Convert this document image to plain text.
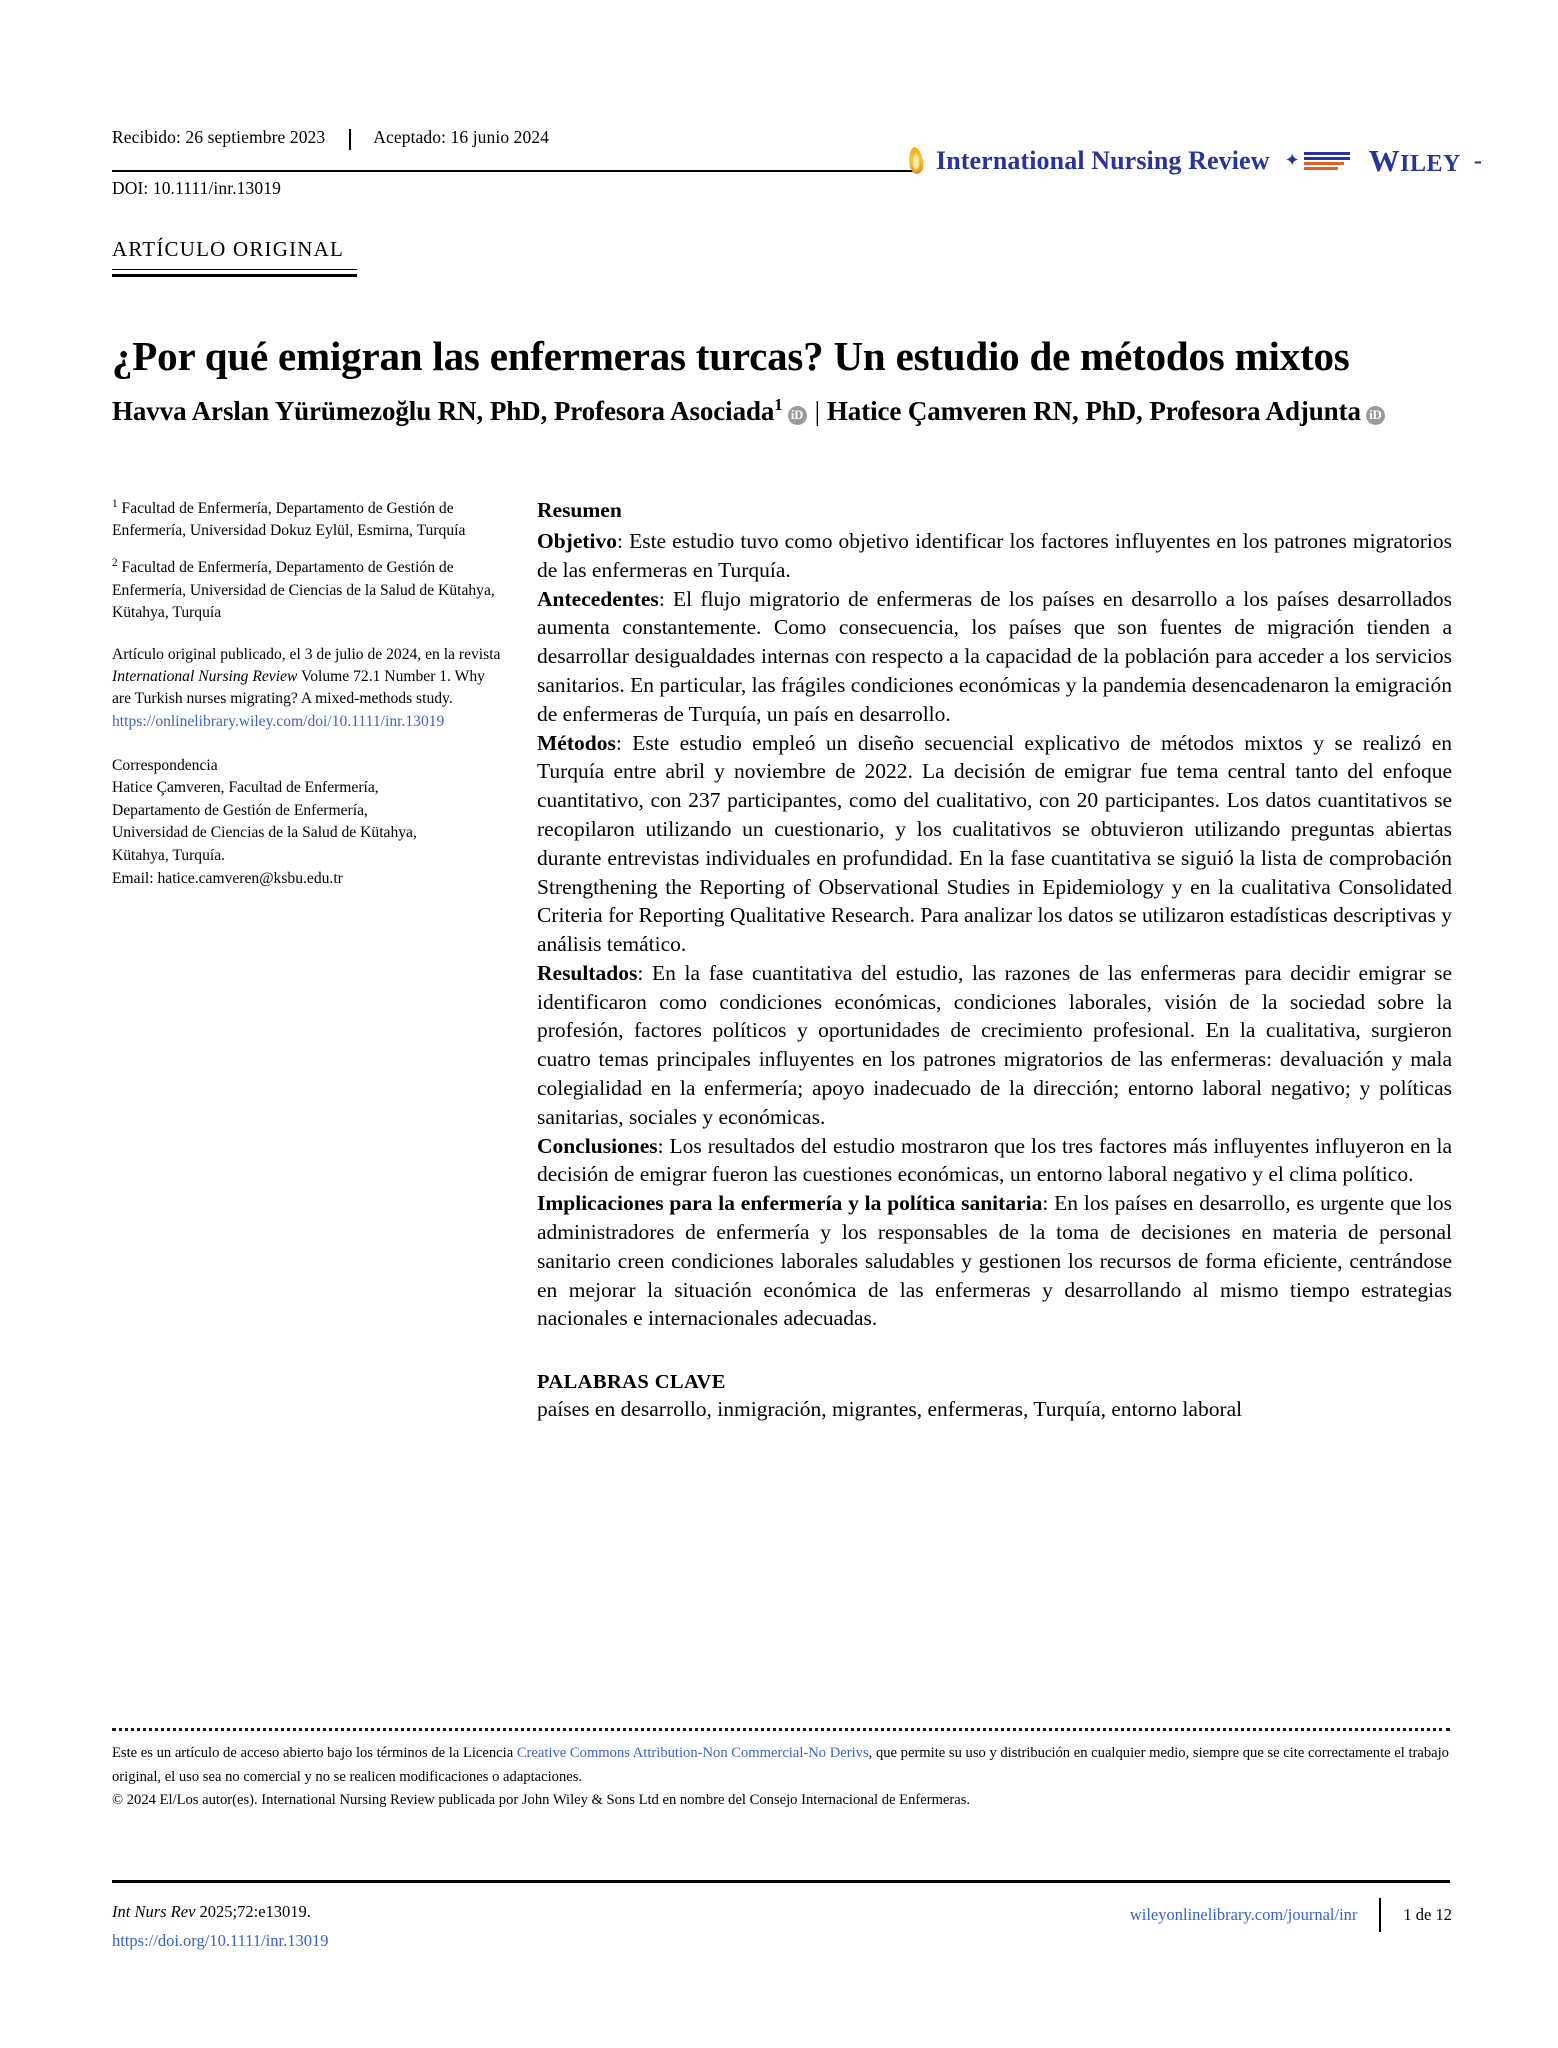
Recibido: 26 septiembre 2023	Aceptado: 16 junio 2024
International Nursing Review ✦ WILEY -
DOI: 10.1111/inr.13019
ARTÍCULO ORIGINAL
¿Por qué emigran las enfermeras turcas? Un estudio de métodos mixtos
Havva Arslan Yürümezoğlu RN, PhD, Profesora Asociada$^1$iD | Hatice Çamveren RN, PhD, Profesora Adjunta iD
$^1$ Facultad de Enfermería, Departamento de Gestión de Enfermería, Universidad Dokuz Eylül, Esmirna, Turquía
$^2$ Facultad de Enfermería, Departamento de Gestión de Enfermería, Universidad de Ciencias de la Salud de Kütahya, Kütahya, Turquía
Artículo original publicado, el 3 de julio de 2024, en la revista International Nursing Review Volume 72.1 Number 1. Why are Turkish nurses migrating? A mixed-methods study.
https://onlinelibrary.wiley.com/doi/10.1111/inr.13019
Correspondencia
Hatice Çamveren, Facultad de Enfermería,
Departamento de Gestión de Enfermería,
Universidad de Ciencias de la Salud de Kütahya,
Kütahya, Turquía.
Email: hatice.camveren@ksbu.edu.tr
Resumen

Objetivo: Este estudio tuvo como objetivo identificar los factores influyentes en los patrones migratorios de las enfermeras en Turquía.

Antecedentes: El flujo migratorio de enfermeras de los países en desarrollo a los países desarrollados aumenta constantemente. Como consecuencia, los países que son fuentes de migración tienden a desarrollar desigualdades internas con respecto a la capacidad de la población para acceder a los servicios sanitarios. En particular, las frágiles condiciones económicas y la pandemia desencadenaron la emigración de enfermeras de Turquía, un país en desarrollo.

Métodos: Este estudio empleó un diseño secuencial explicativo de métodos mixtos y se realizó en Turquía entre abril y noviembre de 2022. La decisión de emigrar fue tema central tanto del enfoque cuantitativo, con 237 participantes, como del cualitativo, con 20 participantes. Los datos cuantitativos se recopilaron utilizando un cuestionario, y los cualitativos se obtuvieron utilizando preguntas abiertas durante entrevistas individuales en profundidad. En la fase cuantitativa se siguió la lista de comprobación Strengthening the Reporting of Observational Studies in Epidemiology y en la cualitativa Consolidated Criteria for Reporting Qualitative Research. Para analizar los datos se utilizaron estadísticas descriptivas y análisis temático.

Resultados: En la fase cuantitativa del estudio, las razones de las enfermeras para decidir emigrar se identificaron como condiciones económicas, condiciones laborales, visión de la sociedad sobre la profesión, factores políticos y oportunidades de crecimiento profesional. En la cualitativa, surgieron cuatro temas principales influyentes en los patrones migratorios de las enfermeras: devaluación y mala colegialidad en la enfermería; apoyo inadecuado de la dirección; entorno laboral negativo; y políticas sanitarias, sociales y económicas.

Conclusiones: Los resultados del estudio mostraron que los tres factores más influyentes influyeron en la decisión de emigrar fueron las cuestiones económicas, un entorno laboral negativo y el clima político.

Implicaciones para la enfermería y la política sanitaria: En los países en desarrollo, es urgente que los administradores de enfermería y los responsables de la toma de decisiones en materia de personal sanitario creen condiciones laborales saludables y gestionen los recursos de forma eficiente, centrándose en mejorar la situación económica de las enfermeras y desarrollando al mismo tiempo estrategias nacionales e internacionales adecuadas.

PALABRAS CLAVE
países en desarrollo, inmigración, migrantes, enfermeras, Turquía, entorno laboral
Este es un artículo de acceso abierto bajo los términos de la Licencia Creative Commons Attribution-Non Commercial-No Derivs, que permite su uso y distribución en cualquier medio, siempre que se cite correctamente el trabajo original, el uso sea no comercial y no se realicen modificaciones o adaptaciones.
© 2024 El/Los autor(es). International Nursing Review publicada por John Wiley & Sons Ltd en nombre del Consejo Internacional de Enfermeras.
Int Nurs Rev 2025;72:e13019.
https://doi.org/10.1111/inr.13019
wileyonlinelibrary.com/journal/inr	1 de 12
